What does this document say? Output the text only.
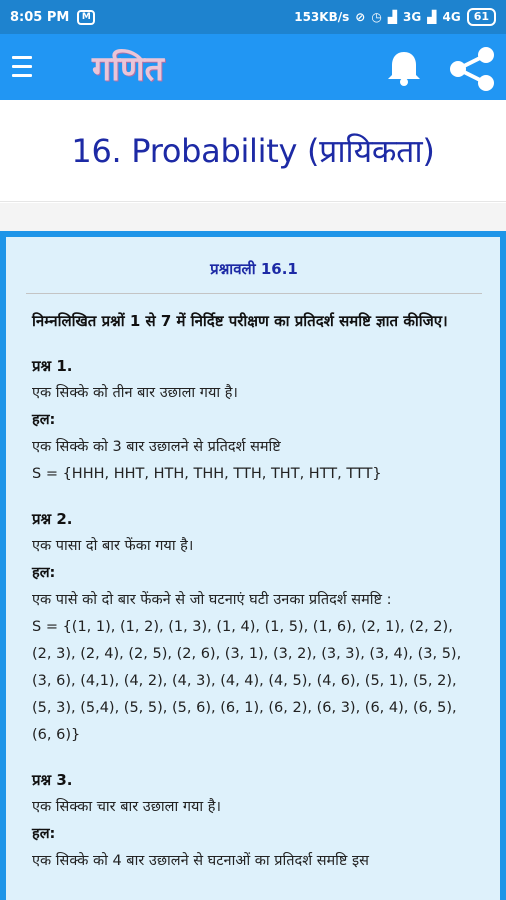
8:05 PM	M	153KB/s ⊘ ◷ ▟ 3G ▟ 4G	61
गणित
16. Probability (प्रायिकता)
प्रश्नावली 16.1
निम्नलिखित प्रश्नों 1 से 7 में निर्दिष्ट परीक्षण का प्रतिदर्श समष्टि ज्ञात कीजिए।
प्रश्न 1.
एक सिक्के को तीन बार उछाला गया है।
हल:
एक सिक्के को 3 बार उछालने से प्रतिदर्श समष्टि
S = {HHH, HHT, HTH, THH, TTH, THT, HTT, TTT}
प्रश्न 2.
एक पासा दो बार फेंका गया है।
हल:
एक पासे को दो बार फेंकने से जो घटनाएं घटी उनका प्रतिदर्श समष्टि :
S = {(1, 1), (1, 2), (1, 3), (1, 4), (1, 5), (1, 6), (2, 1), (2, 2),
(2, 3), (2, 4), (2, 5), (2, 6), (3, 1), (3, 2), (3, 3), (3, 4), (3, 5),
(3, 6), (4,1), (4, 2), (4, 3), (4, 4), (4, 5), (4, 6), (5, 1), (5, 2),
(5, 3), (5,4), (5, 5), (5, 6), (6, 1), (6, 2), (6, 3), (6, 4), (6, 5),
(6, 6)}
प्रश्न 3.
एक सिक्का चार बार उछाला गया है।
हल:
एक सिक्के को 4 बार उछालने से घटनाओं का प्रतिदर्श समष्टि इस
